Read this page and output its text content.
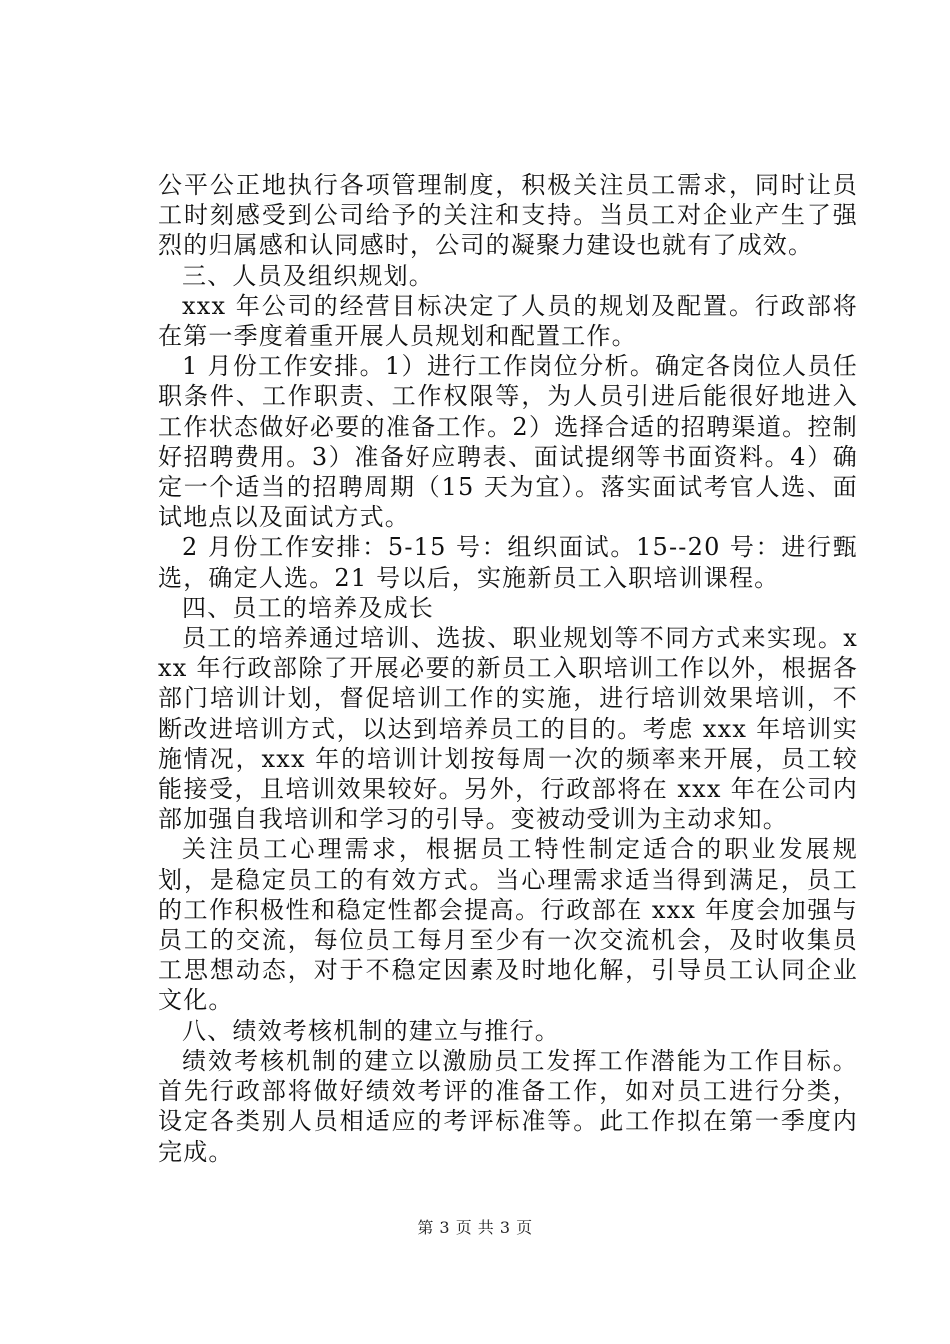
公平公正地执行各项管理制度，积极关注员工需求，同时让员工时刻感受到公司给予的关注和支持。当员工对企业产生了强烈的归属感和认同感时，公司的凝聚力建设也就有了成效。

三、人员及组织规划。

xxx 年公司的经营目标决定了人员的规划及配置。行政部将在第一季度着重开展人员规划和配置工作。

1 月份工作安排。1）进行工作岗位分析。确定各岗位人员任职条件、工作职责、工作权限等，为人员引进后能很好地进入工作状态做好必要的准备工作。2）选择合适的招聘渠道。控制好招聘费用。3）准备好应聘表、面试提纲等书面资料。4）确定一个适当的招聘周期（15 天为宜）。落实面试考官人选、面试地点以及面试方式。

2 月份工作安排：5-15 号：组织面试。15--20 号：进行甄选，确定人选。21 号以后，实施新员工入职培训课程。

四、员工的培养及成长

员工的培养通过培训、选拔、职业规划等不同方式来实现。xxx 年行政部除了开展必要的新员工入职培训工作以外，根据各部门培训计划，督促培训工作的实施，进行培训效果培训，不断改进培训方式，以达到培养员工的目的。考虑 xxx 年培训实施情况，xxx 年的培训计划按每周一次的频率来开展，员工较能接受，且培训效果较好。另外，行政部将在 xxx 年在公司内部加强自我培训和学习的引导。变被动受训为主动求知。

关注员工心理需求，根据员工特性制定适合的职业发展规划，是稳定员工的有效方式。当心理需求适当得到满足，员工的工作积极性和稳定性都会提高。行政部在 xxx 年度会加强与员工的交流，每位员工每月至少有一次交流机会，及时收集员工思想动态，对于不稳定因素及时地化解，引导员工认同企业文化。

八、绩效考核机制的建立与推行。

绩效考核机制的建立以激励员工发挥工作潜能为工作目标。首先行政部将做好绩效考评的准备工作，如对员工进行分类，设定各类别人员相适应的考评标准等。此工作拟在第一季度内完成。

第 3 页 共 3 页
